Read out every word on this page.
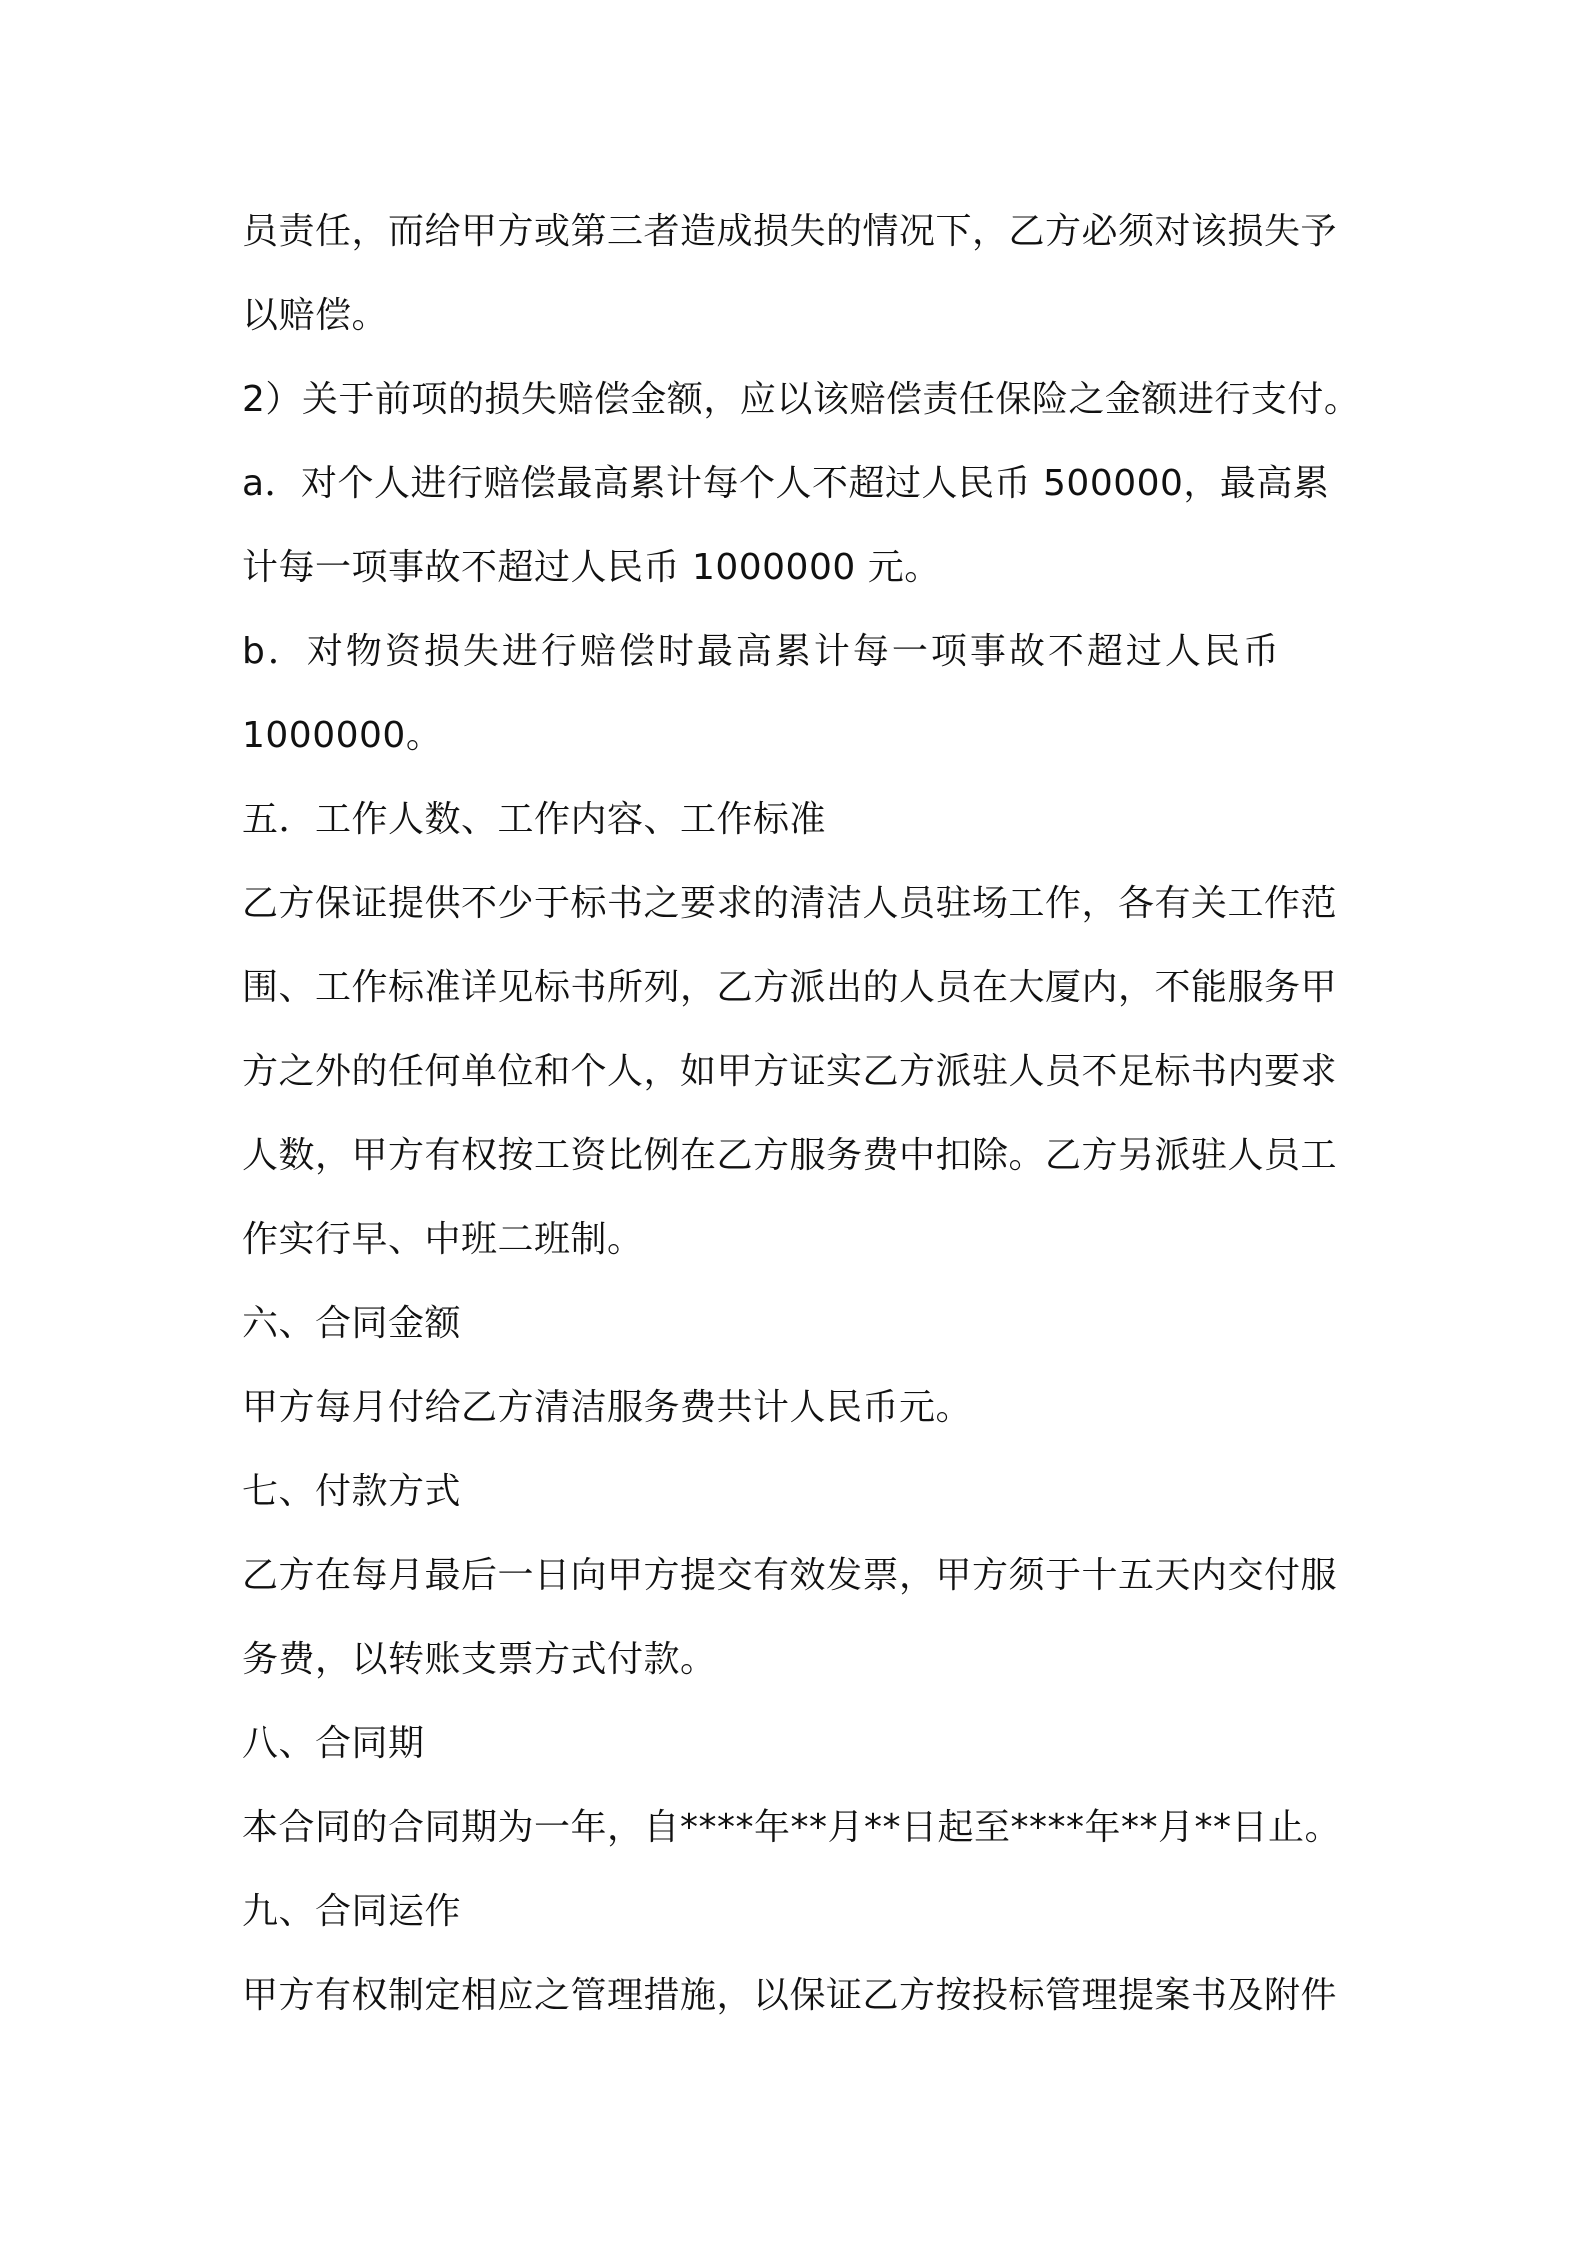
员责任，而给甲方或第三者造成损失的情况下，乙方必须对该损失予
以赔偿。
2）关于前项的损失赔偿金额，应以该赔偿责任保险之金额进行支付。
a．对个人进行赔偿最高累计每个人不超过人民币 500000，最高累
计每一项事故不超过人民币 1000000 元。
b．对物资损失进行赔偿时最高累计每一项事故不超过人民币
1000000。
五．工作人数、工作内容、工作标准
乙方保证提供不少于标书之要求的清洁人员驻场工作，各有关工作范
围、工作标准详见标书所列，乙方派出的人员在大厦内，不能服务甲
方之外的任何单位和个人，如甲方证实乙方派驻人员不足标书内要求
人数，甲方有权按工资比例在乙方服务费中扣除。乙方另派驻人员工
作实行早、中班二班制。
六、合同金额
甲方每月付给乙方清洁服务费共计人民币元。
七、付款方式
乙方在每月最后一日向甲方提交有效发票，甲方须于十五天内交付服
务费，以转账支票方式付款。
八、合同期
本合同的合同期为一年，自****年**月**日起至****年**月**日止。
九、合同运作
甲方有权制定相应之管理措施，以保证乙方按投标管理提案书及附件
